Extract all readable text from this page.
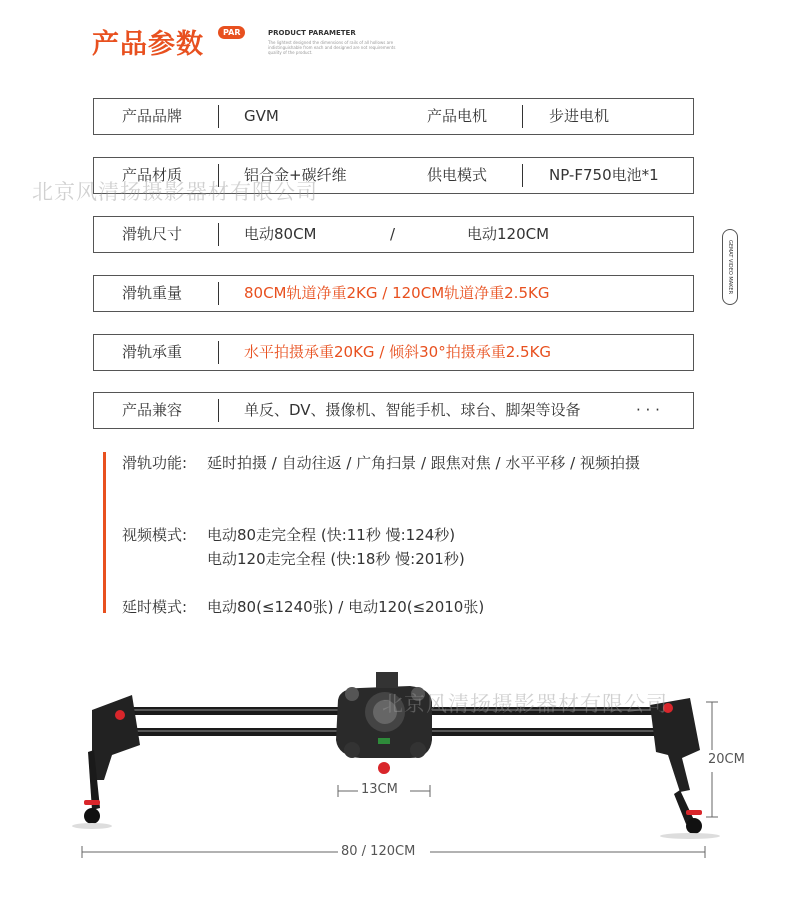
产品参数	PAR	PRODUCT PARAMETER
The lightest designed the dimensions of rails of all hollows are indistinguishable from each and designed are not requirements quality of the product.
产品品牌	GVM	产品电机	步进电机
产品材质	铝合金+碳纤维	供电模式	NP-F750电池*1
滑轨尺寸	电动80CM	/	电动120CM
滑轨重量	80CM轨道净重2KG / 120CM轨道净重2.5KG
滑轨承重	水平拍摄承重20KG / 倾斜30°拍摄承重2.5KG
产品兼容	单反、DV、摄像机、智能手机、球台、脚架等设备	· · ·
GEMAT VIDEO MAKER
北京风清扬摄影器材有限公司
滑轨功能: 延时拍摄 / 自动往返 / 广角扫景 / 跟焦对焦 / 水平平移 / 视频拍摄
视频模式: 电动80走完全程 (快:11秒 慢:124秒)
电动120走完全程 (快:18秒 慢:201秒)
延时模式: 电动80(≤1240张) / 电动120(≤2010张)
13CM
20CM
80 / 120CM
北京风清扬摄影器材有限公司
